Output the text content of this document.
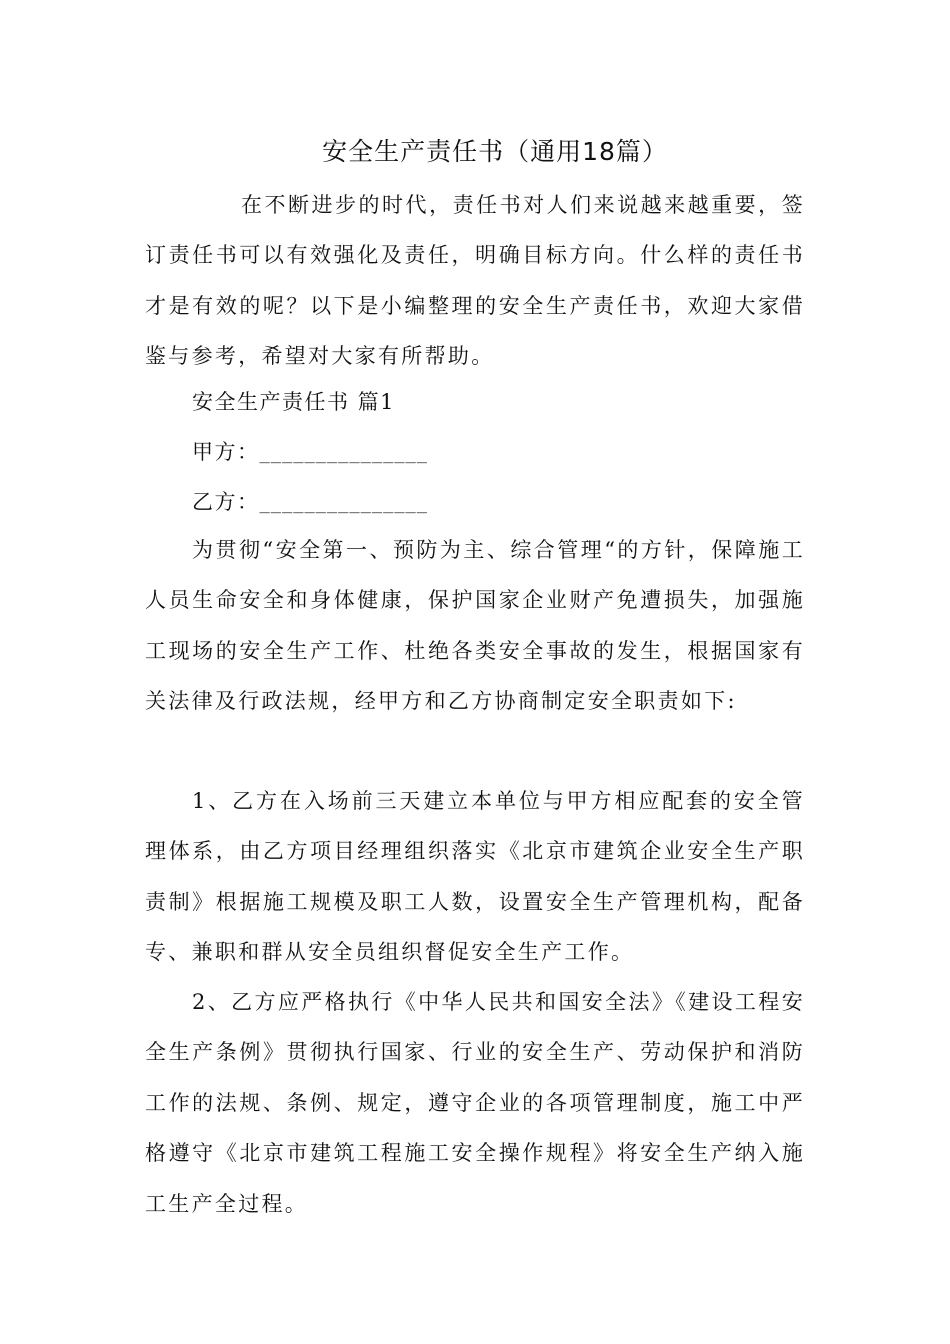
安全生产责任书（通用18篇）

在不断进步的时代，责任书对人们来说越来越重要，签订责任书可以有效强化及责任，明确目标方向。什么样的责任书才是有效的呢？以下是小编整理的安全生产责任书，欢迎大家借鉴与参考，希望对大家有所帮助。

安全生产责任书 篇1
甲方：_______________
乙方：_______________

为贯彻“安全第一、预防为主、综合管理“的方针，保障施工人员生命安全和身体健康，保护国家企业财产免遭损失，加强施工现场的安全生产工作、杜绝各类安全事故的发生，根据国家有关法律及行政法规，经甲方和乙方协商制定安全职责如下:

1、乙方在入场前三天建立本单位与甲方相应配套的安全管理体系，由乙方项目经理组织落实《北京市建筑企业安全生产职责制》根据施工规模及职工人数，设置安全生产管理机构，配备专、兼职和群从安全员组织督促安全生产工作。

2、乙方应严格执行《中华人民共和国安全法》《建设工程安全生产条例》贯彻执行国家、行业的安全生产、劳动保护和消防工作的法规、条例、规定，遵守企业的各项管理制度，施工中严格遵守《北京市建筑工程施工安全操作规程》将安全生产纳入施工生产全过程。
